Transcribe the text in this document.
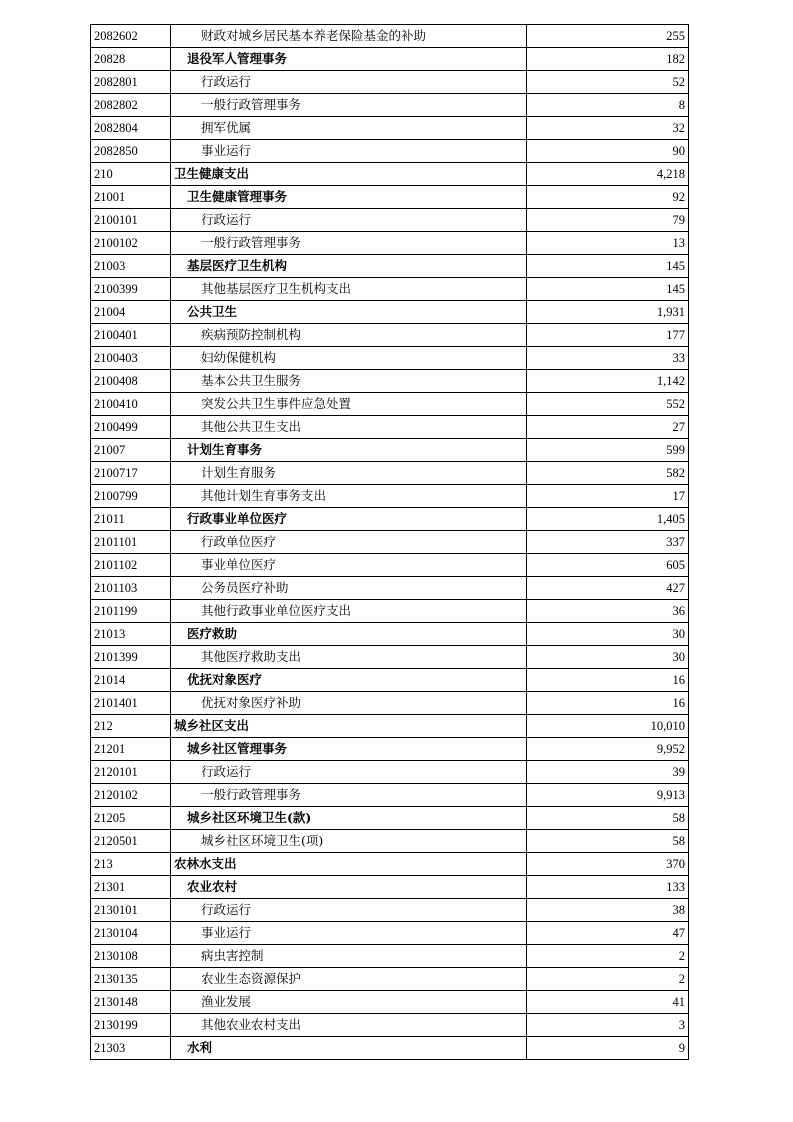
2082602	财政对城乡居民基本养老保险基金的补助	255
20828	退役军人管理事务	182
2082801	行政运行	52
2082802	一般行政管理事务	8
2082804	拥军优属	32
2082850	事业运行	90
210	卫生健康支出	4,218
21001	卫生健康管理事务	92
2100101	行政运行	79
2100102	一般行政管理事务	13
21003	基层医疗卫生机构	145
2100399	其他基层医疗卫生机构支出	145
21004	公共卫生	1,931
2100401	疾病预防控制机构	177
2100403	妇幼保健机构	33
2100408	基本公共卫生服务	1,142
2100410	突发公共卫生事件应急处置	552
2100499	其他公共卫生支出	27
21007	计划生育事务	599
2100717	计划生育服务	582
2100799	其他计划生育事务支出	17
21011	行政事业单位医疗	1,405
2101101	行政单位医疗	337
2101102	事业单位医疗	605
2101103	公务员医疗补助	427
2101199	其他行政事业单位医疗支出	36
21013	医疗救助	30
2101399	其他医疗救助支出	30
21014	优抚对象医疗	16
2101401	优抚对象医疗补助	16
212	城乡社区支出	10,010
21201	城乡社区管理事务	9,952
2120101	行政运行	39
2120102	一般行政管理事务	9,913
21205	城乡社区环境卫生(款)	58
2120501	城乡社区环境卫生(项)	58
213	农林水支出	370
21301	农业农村	133
2130101	行政运行	38
2130104	事业运行	47
2130108	病虫害控制	2
2130135	农业生态资源保护	2
2130148	渔业发展	41
2130199	其他农业农村支出	3
21303	水利	9
